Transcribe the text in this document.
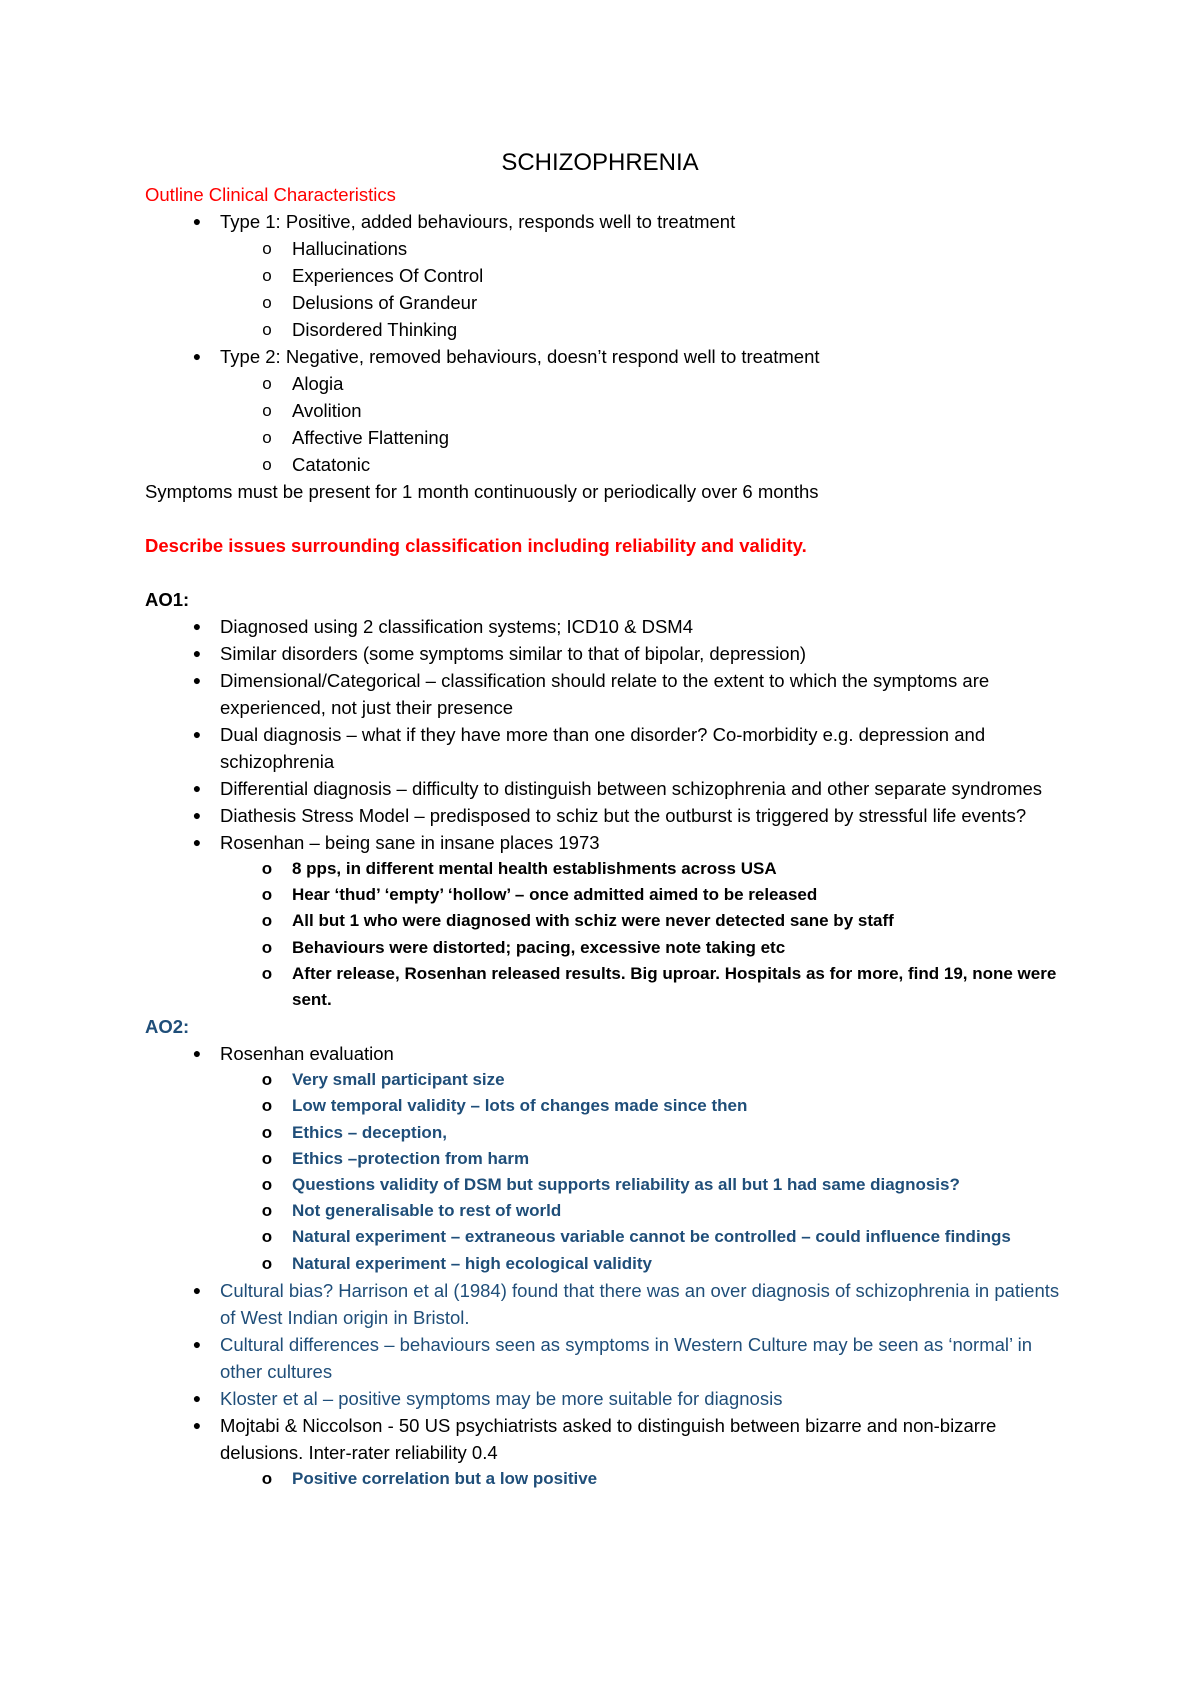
SCHIZOPHRENIA

Outline Clinical Characteristics

●	Type 1: Positive, added behaviours, responds well to treatment
o Hallucinations
o Experiences Of Control
o Delusions of Grandeur
o Disordered Thinking
●	Type 2: Negative, removed behaviours, doesn’t respond well to treatment
o Alogia
o Avolition
o Affective Flattening
o Catatonic

Symptoms must be present for 1 month continuously or periodically over 6 months

Describe issues surrounding classification including reliability and validity.

AO1:

●	Diagnosed using 2 classification systems; ICD10 & DSM4
●	Similar disorders (some symptoms similar to that of bipolar, depression)
●	Dimensional/Categorical – classification should relate to the extent to which the symptoms are experienced, not just their presence
●	Dual diagnosis – what if they have more than one disorder? Co-morbidity e.g. depression and schizophrenia
●	Differential diagnosis – difficulty to distinguish between schizophrenia and other separate syndromes
●	Diathesis Stress Model – predisposed to schiz but the outburst is triggered by stressful life events?
●	Rosenhan – being sane in insane places 1973
o 8 pps, in different mental health establishments across USA
o Hear ‘thud’ ‘empty’ ‘hollow’ – once admitted aimed to be released
o All but 1 who were diagnosed with schiz were never detected sane by staff
o Behaviours were distorted; pacing, excessive note taking etc
o After release, Rosenhan released results. Big uproar. Hospitals as for more, find 19, none were sent.

AO2:

●	Rosenhan evaluation
o Very small participant size
o Low temporal validity – lots of changes made since then
o Ethics – deception,
o Ethics –protection from harm
o Questions validity of DSM but supports reliability as all but 1 had same diagnosis?
o Not generalisable to rest of world
o Natural experiment – extraneous variable cannot be controlled – could influence findings
o Natural experiment – high ecological validity
●	Cultural bias? Harrison et al (1984) found that there was an over diagnosis of schizophrenia in patients of West Indian origin in Bristol.
●	Cultural differences – behaviours seen as symptoms in Western Culture may be seen as ‘normal’ in other cultures
●	Kloster et al – positive symptoms may be more suitable for diagnosis
●	Mojtabi & Niccolson - 50 US psychiatrists asked to distinguish between bizarre and non-bizarre delusions. Inter-rater reliability 0.4
o Positive correlation but a low positive
